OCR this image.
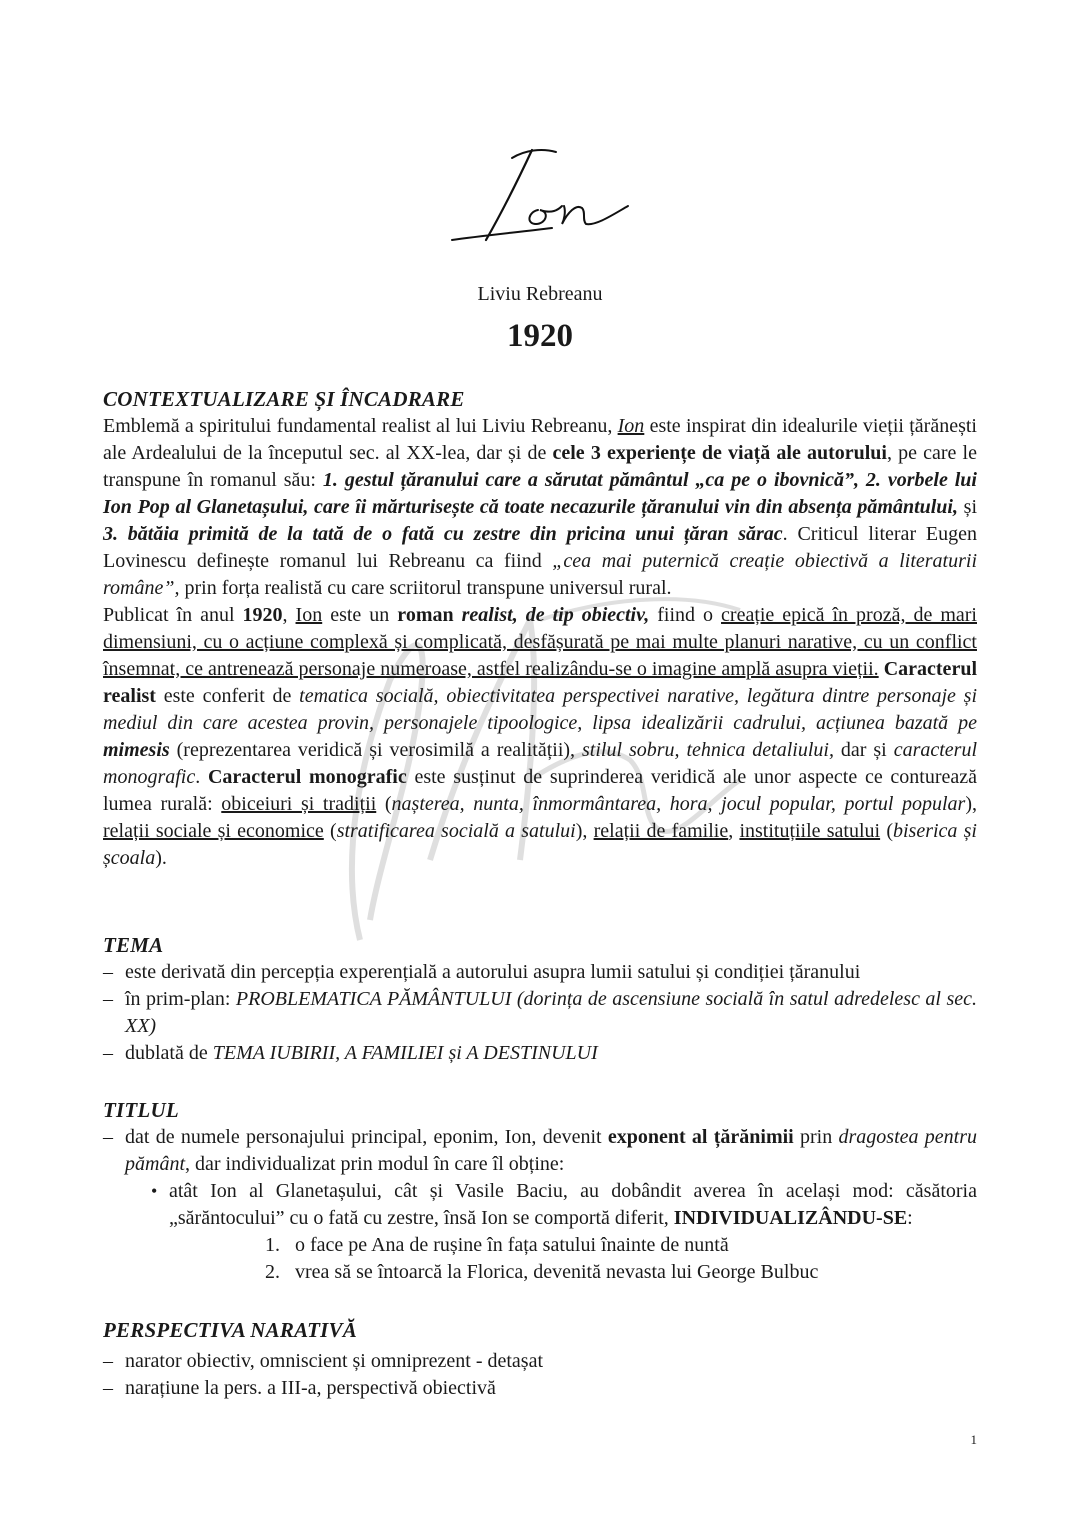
Liviu Rebreanu
1920
CONTEXTUALIZARE ȘI ÎNCADRARE

Emblemă a spiritului fundamental realist al lui Liviu Rebreanu, Ion este inspirat din idealurile vieții țărănești ale Ardealului de la începutul sec. al XX-lea, dar și de cele 3 experiențe de viață ale autorului, pe care le transpune în romanul său: 1. gestul țăranului care a sărutat pământul „ca pe o ibovnică”, 2. vorbele lui Ion Pop al Glanetașului, care îi mărturisește că toate necazurile țăranului vin din absența pământului, și 3. bătăia primită de la tată de o fată cu zestre din pricina unui țăran sărac. Criticul literar Eugen Lovinescu definește romanul lui Rebreanu ca fiind „cea mai puternică creație obiectivă a literaturii române”, prin forța realistă cu care scriitorul transpune universul rural.

Publicat în anul 1920, Ion este un roman realist, de tip obiectiv, fiind o creație epică în proză, de mari dimensiuni, cu o acțiune complexă și complicată, desfășurată pe mai multe planuri narative, cu un conflict însemnat, ce antrenează personaje numeroase, astfel realizându-se o imagine amplă asupra vieții. Caracterul realist este conferit de tematica socială, obiectivitatea perspectivei narative, legătura dintre personaje și mediul din care acestea provin, personajele tipoologice, lipsa idealizării cadrului, acțiunea bazată pe mimesis (reprezentarea veridică și verosimilă a realității), stilul sobru, tehnica detaliului, dar și caracterul monografic. Caracterul monografic este susținut de suprinderea veridică ale unor aspecte ce conturează lumea rurală: obiceiuri și tradiții (nașterea, nunta, înmormântarea, hora, jocul popular, portul popular), relații sociale și economice (stratificarea socială a satului), relații de familie, instituțiile satului (biserica și școala).

TEMA
– este derivată din percepția experențială a autorului asupra lumii satului și condiției țăranului
– în prim-plan: PROBLEMATICA PĂMÂNTULUI (dorința de ascensiune socială în satul adredelesc al sec. XX)
– dublată de TEMA IUBIRII, A FAMILIEI și A DESTINULUI
TITLUL
– dat de numele personajului principal, eponim, Ion, devenit exponent al țărănimii prin dragostea pentru pământ, dar individualizat prin modul în care îl obține:
• atât Ion al Glanetașului, cât și Vasile Baciu, au dobândit averea în același mod: căsătoria „sărăntocului” cu o fată cu zestre, însă Ion se comportă diferit, INDIVIDUALIZÂNDU-SE:
1. o face pe Ana de rușine în fața satului înainte de nuntă
2. vrea să se întoarcă la Florica, devenită nevasta lui George Bulbuc
PERSPECTIVA NARATIVĂ
– narator obiectiv, omniscient și omniprezent - detașat
– narațiune la pers. a III-a, perspectivă obiectivă
1
